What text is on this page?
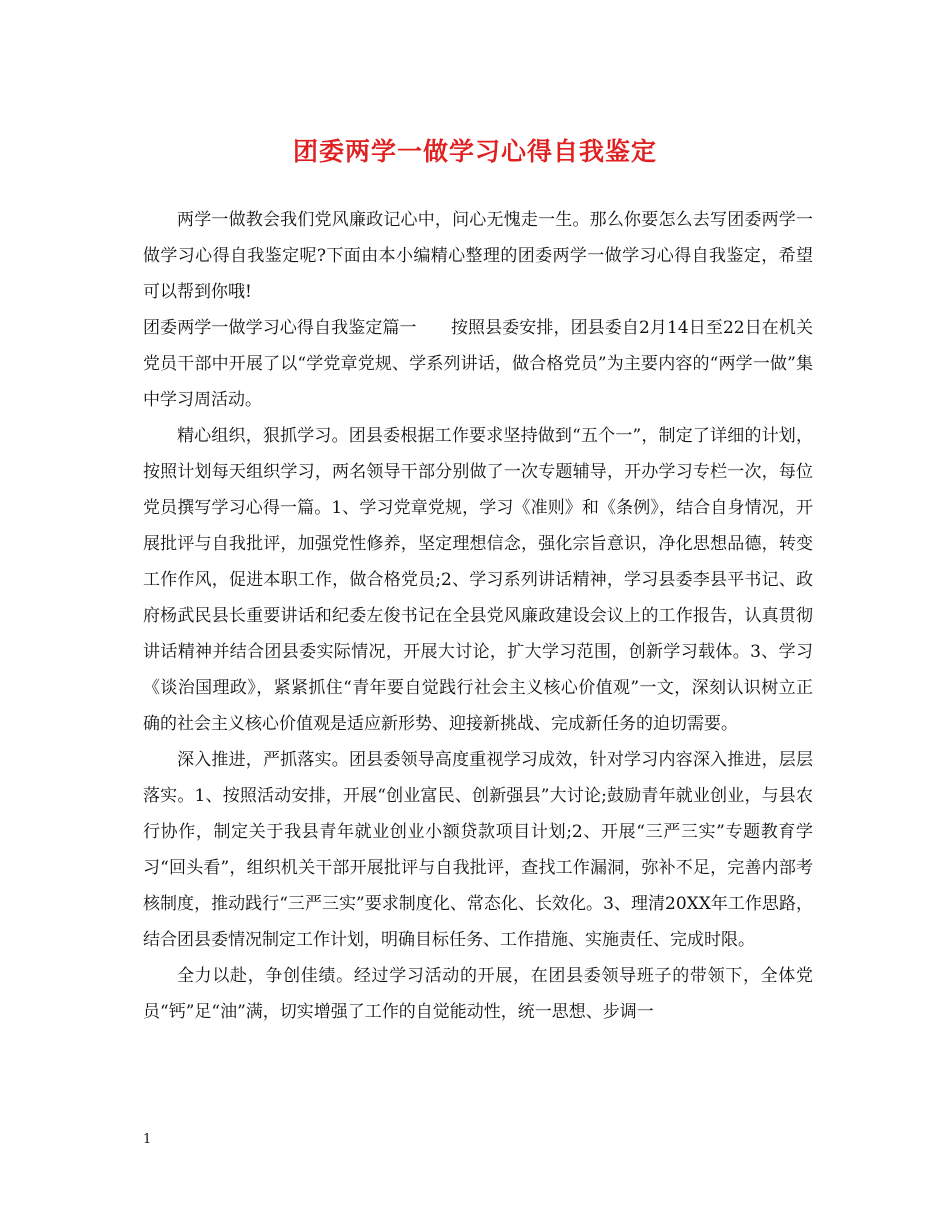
团委两学一做学习心得自我鉴定

两学一做教会我们党风廉政记心中，问心无愧走一生。那么你要怎么去写团委两学一做学习心得自我鉴定呢?下面由本小编精心整理的团委两学一做学习心得自我鉴定，希望可以帮到你哦!

团委两学一做学习心得自我鉴定篇一　　按照县委安排，团县委自2月14日至22日在机关党员干部中开展了以“学党章党规、学系列讲话，做合格党员”为主要内容的“两学一做”集中学习周活动。

精心组织，狠抓学习。团县委根据工作要求坚持做到“五个一”，制定了详细的计划，按照计划每天组织学习，两名领导干部分别做了一次专题辅导，开办学习专栏一次，每位党员撰写学习心得一篇。1、学习党章党规，学习《准则》和《条例》，结合自身情况，开展批评与自我批评，加强党性修养，坚定理想信念，强化宗旨意识，净化思想品德，转变工作作风，促进本职工作，做合格党员;2、学习系列讲话精神，学习县委李县平书记、政府杨武民县长重要讲话和纪委左俊书记在全县党风廉政建设会议上的工作报告，认真贯彻讲话精神并结合团县委实际情况，开展大讨论，扩大学习范围，创新学习载体。3、学习《谈治国理政》，紧紧抓住“青年要自觉践行社会主义核心价值观”一文，深刻认识树立正确的社会主义核心价值观是适应新形势、迎接新挑战、完成新任务的迫切需要。

深入推进，严抓落实。团县委领导高度重视学习成效，针对学习内容深入推进，层层落实。1、按照活动安排，开展“创业富民、创新强县”大讨论;鼓励青年就业创业，与县农行协作，制定关于我县青年就业创业小额贷款项目计划;2、开展“三严三实”专题教育学习“回头看”，组织机关干部开展批评与自我批评，查找工作漏洞，弥补不足，完善内部考核制度，推动践行“三严三实”要求制度化、常态化、长效化。3、理清20XX年工作思路，结合团县委情况制定工作计划，明确目标任务、工作措施、实施责任、完成时限。

全力以赴，争创佳绩。经过学习活动的开展，在团县委领导班子的带领下，全体党员“钙”足“油”满，切实增强了工作的自觉能动性，统一思想、步调一

1
